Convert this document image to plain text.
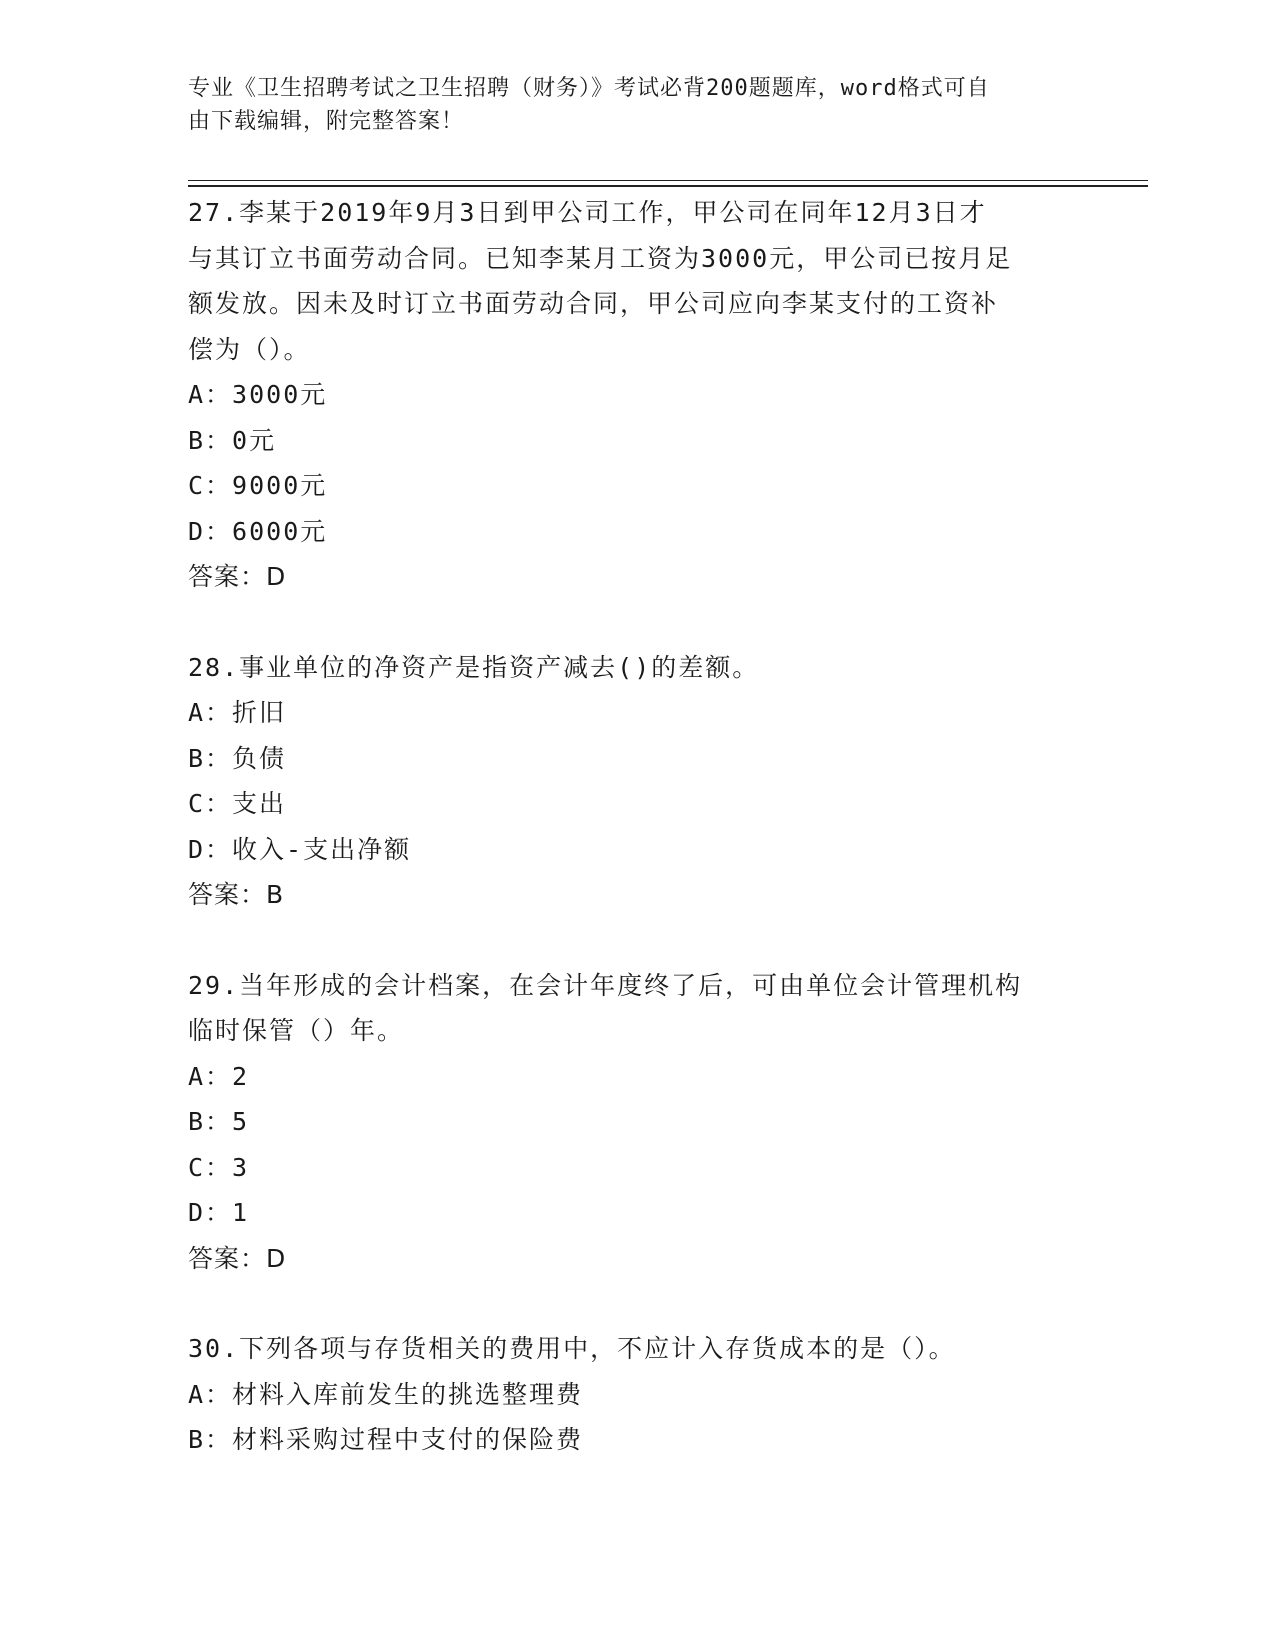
专业《卫生招聘考试之卫生招聘（财务）》考试必背200题题库，word格式可自
由下载编辑，附完整答案！

27.李某于2019年9月3日到甲公司工作，甲公司在同年12月3日才

与其订立书面劳动合同。已知李某月工资为3000元，甲公司已按月足

额发放。因未及时订立书面劳动合同，甲公司应向李某支付的工资补

偿为（）。

A：3000元

B：0元

C：9000元

D：6000元

答案：D

28.事业单位的净资产是指资产减去()的差额。

A：折旧

B：负债

C：支出

D：收入-支出净额

答案：B

29.当年形成的会计档案，在会计年度终了后，可由单位会计管理机构

临时保管（）年。

A：2

B：5

C：3

D：1

答案：D

30.下列各项与存货相关的费用中，不应计入存货成本的是（）。

A：材料入库前发生的挑选整理费

B：材料采购过程中支付的保险费
